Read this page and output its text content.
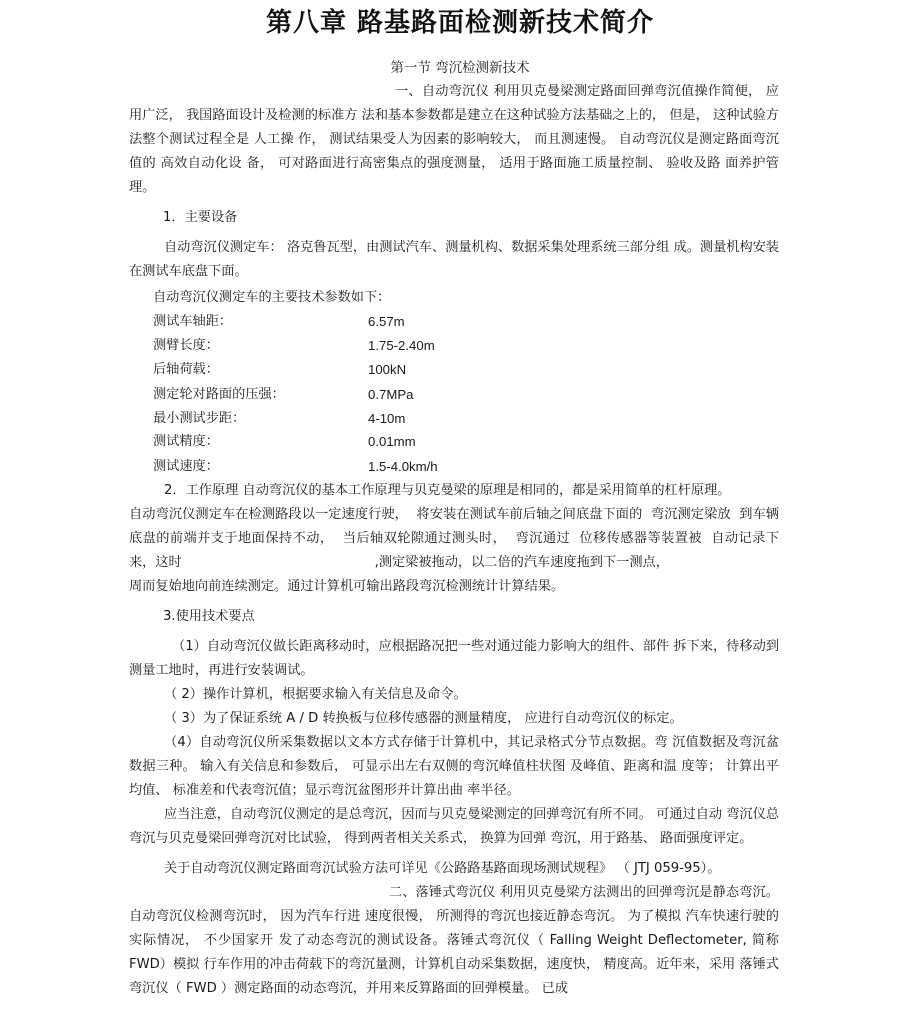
第八章 路基路面检测新技术简介
第一节 弯沉检测新技术

一、自动弯沉仪 利用贝克曼梁测定路面回弹弯沉值操作简便， 应用广泛， 我国路面设计及检测的标准方 法和基本参数都是建立在这种试验方法基础之上的， 但是， 这种试验方法整个测试过程全是 人工操 作， 测试结果受人为因素的影响较大， 而且测速慢。 自动弯沉仪是测定路面弯沉值的 高效自动化设 备， 可对路面进行高密集点的强度测量， 适用于路面施工质量控制、 验收及路 面养护管理。

1．主要设备

自动弯沉仪测定车： 洛克鲁瓦型，由测试汽车、测量机构、数据采集处理系统三部分组 成。测量机构安装在测试车底盘下面。

自动弯沉仪测定车的主要技术参数如下：
测试车轴距：	6.57m
测臂长度：	1.75-2.40m
后轴荷载：	100kN
测定轮对路面的压强：	0.7MPa
最小测试步距：	4-10m
测试精度：	0.01mm
测试速度：	1.5-4.0km/h

2．工作原理 自动弯沉仪的基本工作原理与贝克曼梁的原理是相同的，都是采用简单的杠杆原理。

自动弯沉仪测定车在检测路段以一定速度行驶，  将安装在测试车前后轴之间底盘下面的  弯沉测定梁放  到车辆底盘的前端并支于地面保持不动，  当后轴双轮隙通过测头时，  弯沉通过  位移传感器等装置被  自动记录下来，这时                                              ,测定梁被拖动，以二倍的汽车速度拖到下一测点，

周而复始地向前连续测定。通过计算机可输出路段弯沉检测统计计算结果。

3.使用技术要点

（1）自动弯沉仪做长距离移动时，应根据路况把一些对通过能力影响大的组件、部件 拆下来，待移动到测量工地时，再进行安装调试。

（ 2）操作计算机，根据要求输入有关信息及命令。

（ 3）为了保证系统 A / D 转换板与位移传感器的测量精度， 应进行自动弯沉仪的标定。

（4）自动弯沉仪所采集数据以文本方式存储于计算机中，其记录格式分节点数据。弯 沉值数据及弯沉盆数据三种。 输入有关信息和参数后， 可显示出左右双侧的弯沉峰值柱状图 及峰值、距离和温 度等； 计算出平均值、 标准差和代表弯沉值；显示弯沉盆图形并计算出曲 率半径。

应当注意，自动弯沉仪测定的是总弯沉，因而与贝克曼梁测定的回弹弯沉有所不同。 可通过自动 弯沉仪总弯沉与贝克曼梁回弹弯沉对比试验， 得到两者相关关系式， 换算为回弹 弯沉，用于路基、 路面强度评定。

关于自动弯沉仪测定路面弯沉试验方法可详见《公路路基路面现场测试规程》 （ JTJ 059-95）。

二、落锤式弯沉仪 利用贝克曼梁方法测出的回弹弯沉是静态弯沉。 自动弯沉仪检测弯沉时， 因为汽车行进 速度很慢， 所测得的弯沉也接近静态弯沉。 为了模拟 汽车快速行驶的实际情况， 不少国家开 发了动态弯沉的测试设备。落锤式弯沉仪（ Falling Weight Deflectometer, 简称FWD）模拟 行车作用的冲击荷载下的弯沉量测，计算机自动采集数据，速度快， 精度高。近年来，采用 落锤式弯沉仪（ FWD ）测定路面的动态弯沉，并用来反算路面的回弹模量。 已成
